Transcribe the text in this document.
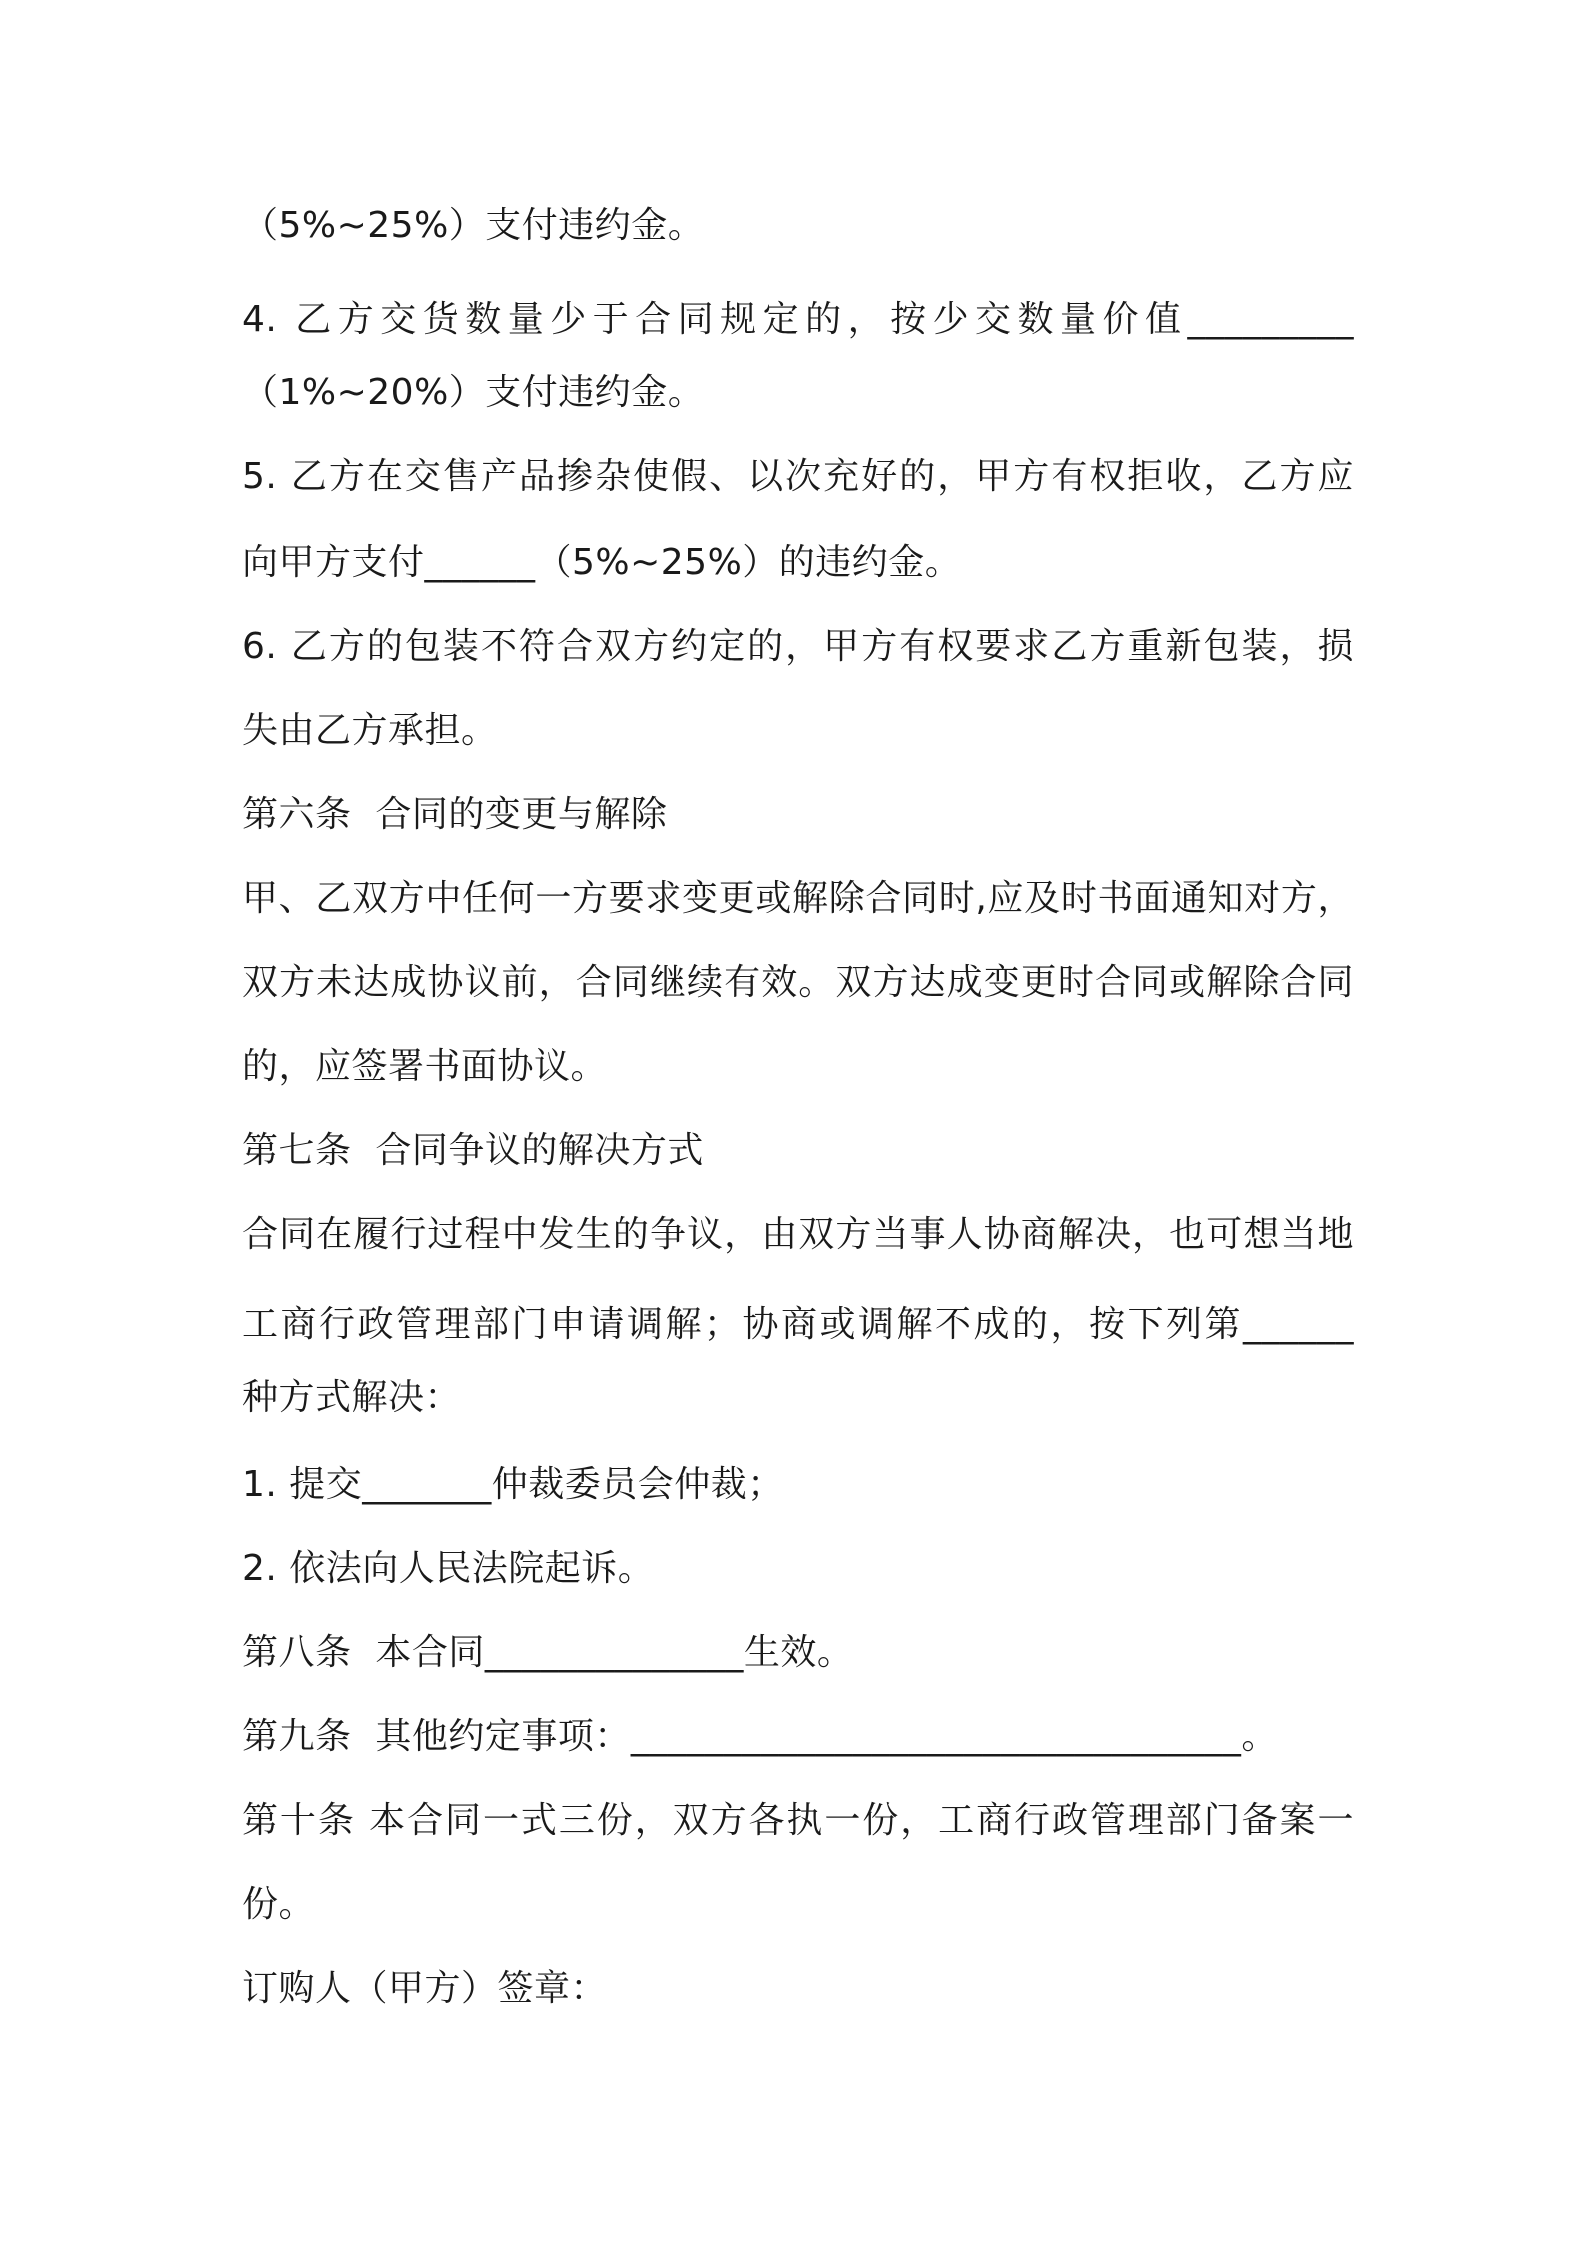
（5%~25%）支付违约金。
4. 乙方交货数量少于合同规定的，按少交数量价值_________
（1%~20%）支付违约金。
5. 乙方在交售产品掺杂使假、以次充好的，甲方有权拒收，乙方应
向甲方支付______（5%~25%）的违约金。
6. 乙方的包装不符合双方约定的，甲方有权要求乙方重新包装，损
失由乙方承担。
第六条  合同的变更与解除
甲、乙双方中任何一方要求变更或解除合同时,应及时书面通知对方，
双方未达成协议前，合同继续有效。双方达成变更时合同或解除合同
的，应签署书面协议。
第七条  合同争议的解决方式
合同在履行过程中发生的争议，由双方当事人协商解决，也可想当地
工商行政管理部门申请调解；协商或调解不成的，按下列第______
种方式解决：
1. 提交_______仲裁委员会仲裁；
2. 依法向人民法院起诉。
第八条  本合同______________生效。
第九条  其他约定事项：_________________________________。
第十条 本合同一式三份，双方各执一份，工商行政管理部门备案一
份。
订购人（甲方）签章：
